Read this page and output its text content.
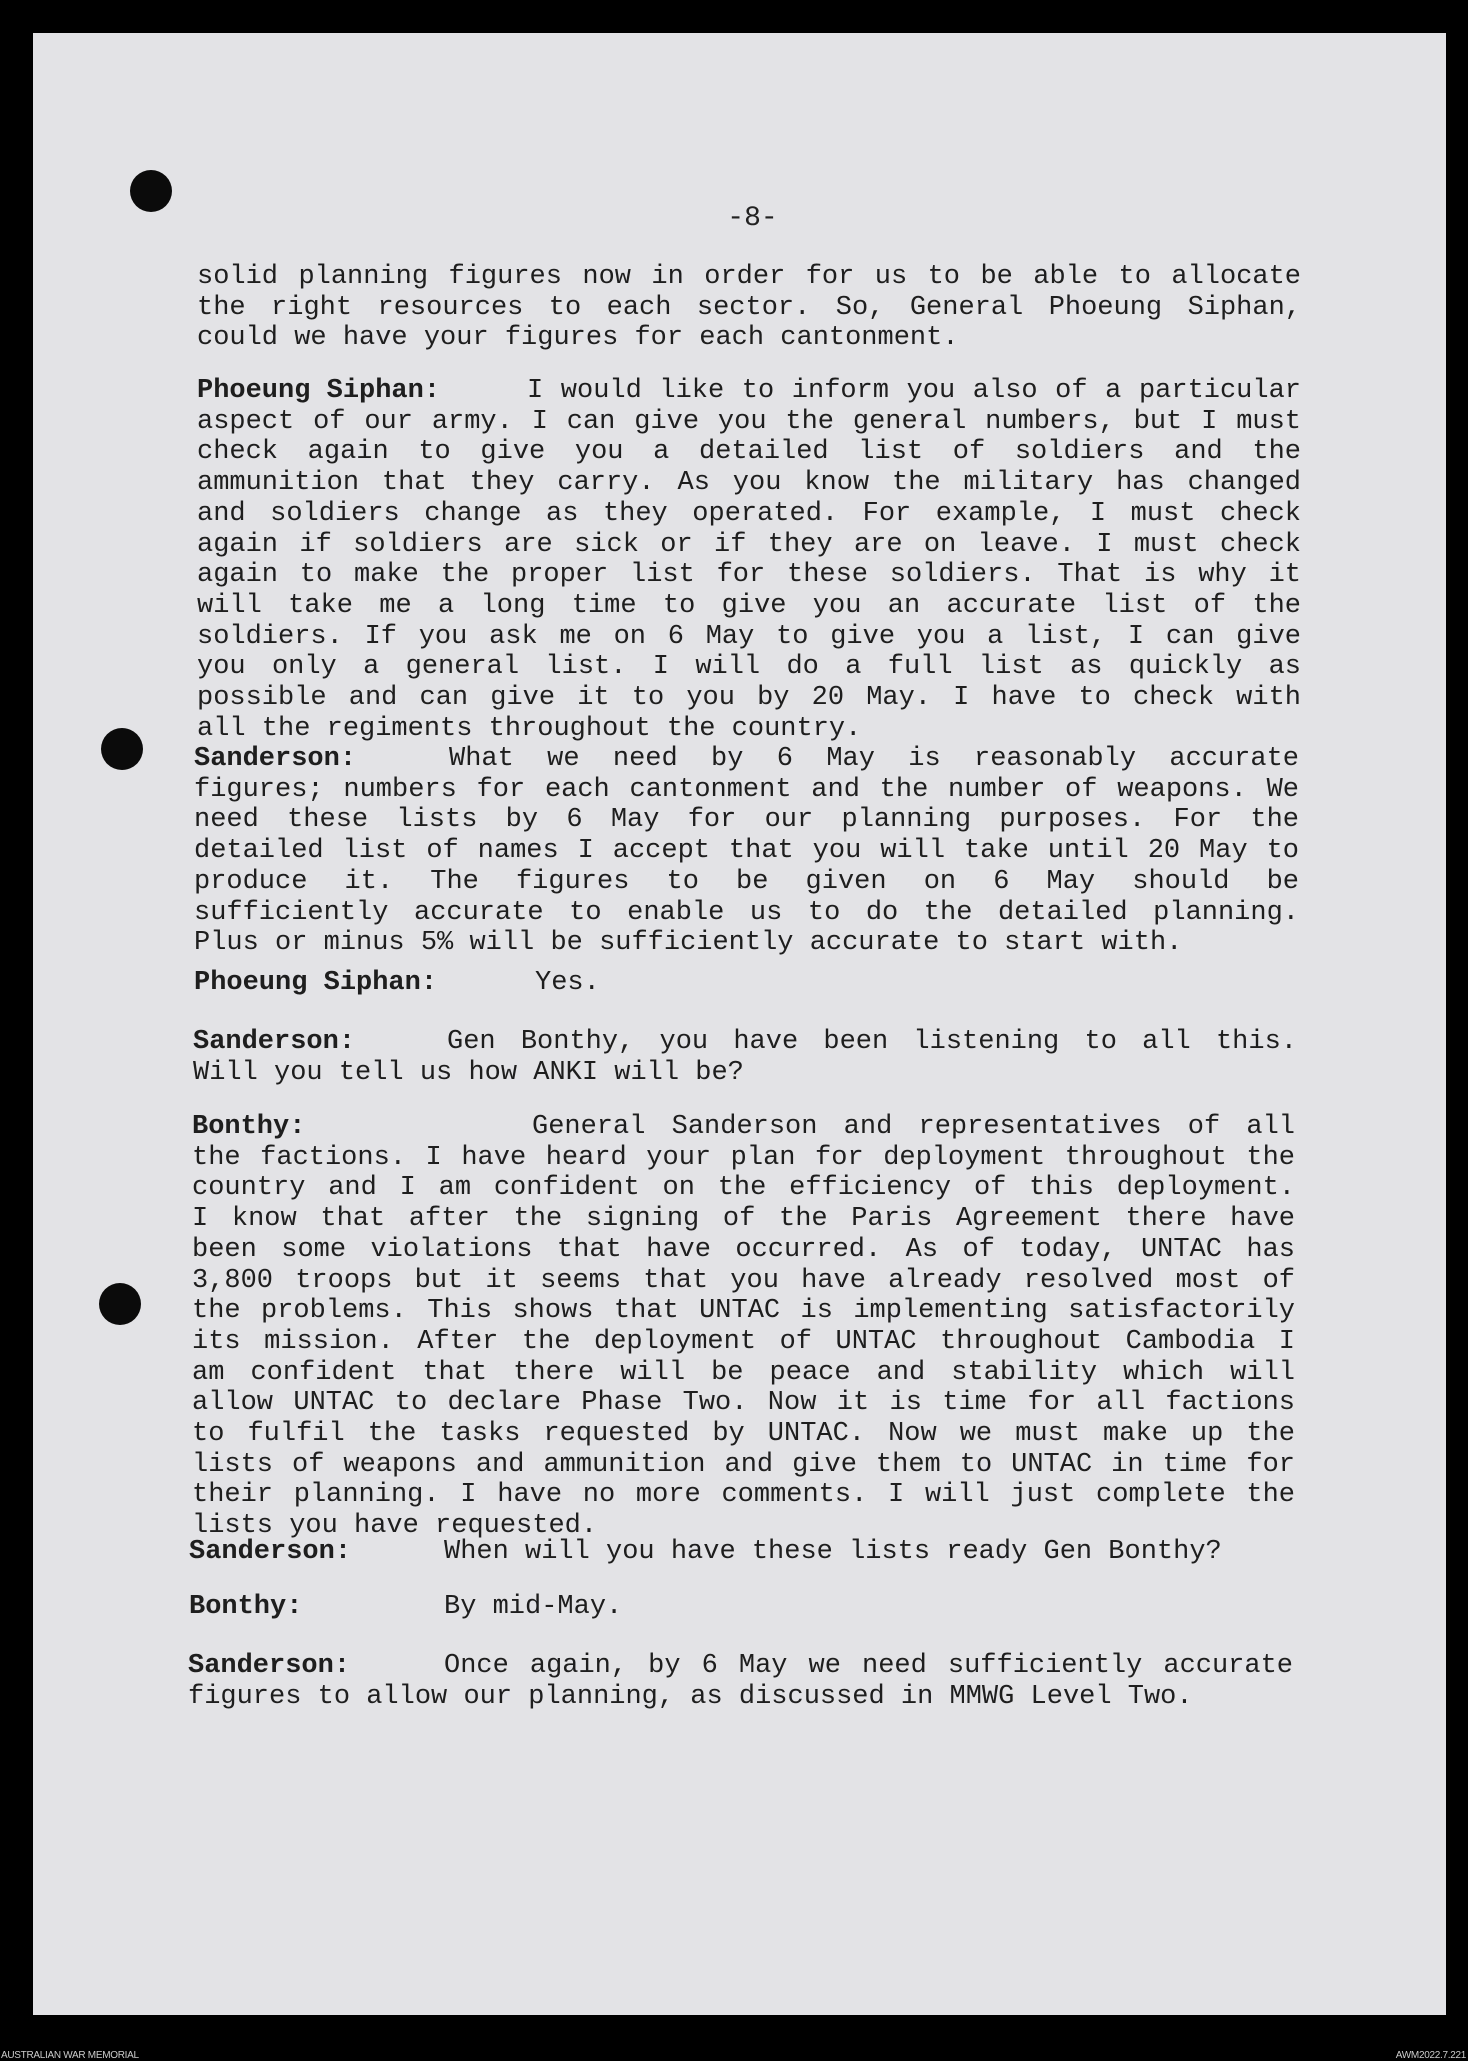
-8-
solid planning figures now in order for us to be able to allocate
the right resources to each sector. So, General Phoeung Siphan,
could we have your figures for each cantonment.
Phoeung Siphan:	I would like to inform you also of a particular
aspect of our army. I can give you the general numbers, but I must
check again to give you a detailed list of soldiers and the
ammunition that they carry. As you know the military has changed
and soldiers change as they operated. For example, I must check
again if soldiers are sick or if they are on leave. I must check
again to make the proper list for these soldiers. That is why it
will take me a long time to give you an accurate list of the
soldiers. If you ask me on 6 May to give you a list, I can give
you only a general list. I will do a full list as quickly as
possible and can give it to you by 20 May. I have to check with
all the regiments throughout the country.
Sanderson:	What we need by 6 May is reasonably accurate
figures; numbers for each cantonment and the number of weapons. We
need these lists by 6 May for our planning purposes. For the
detailed list of names I accept that you will take until 20 May to
produce it. The figures to be given on 6 May should be
sufficiently accurate to enable us to do the detailed planning.
Plus or minus 5% will be sufficiently accurate to start with.
Phoeung Siphan:	Yes.
Sanderson:	Gen Bonthy, you have been listening to all this.
Will you tell us how ANKI will be?
Bonthy:	General Sanderson and representatives of all
the factions. I have heard your plan for deployment throughout the
country and I am confident on the efficiency of this deployment.
I know that after the signing of the Paris Agreement there have
been some violations that have occurred. As of today, UNTAC has
3,800 troops but it seems that you have already resolved most of
the problems. This shows that UNTAC is implementing satisfactorily
its mission. After the deployment of UNTAC throughout Cambodia I
am confident that there will be peace and stability which will
allow UNTAC to declare Phase Two. Now it is time for all factions
to fulfil the tasks requested by UNTAC. Now we must make up the
lists of weapons and ammunition and give them to UNTAC in time for
their planning. I have no more comments. I will just complete the
lists you have requested.
Sanderson:	When will you have these lists ready Gen Bonthy?
Bonthy:	By mid-May.
Sanderson:	Once again, by 6 May we need sufficiently accurate
figures to allow our planning, as discussed in MMWG Level Two.
AUSTRALIAN WAR MEMORIAL	AWM2022.7.221
